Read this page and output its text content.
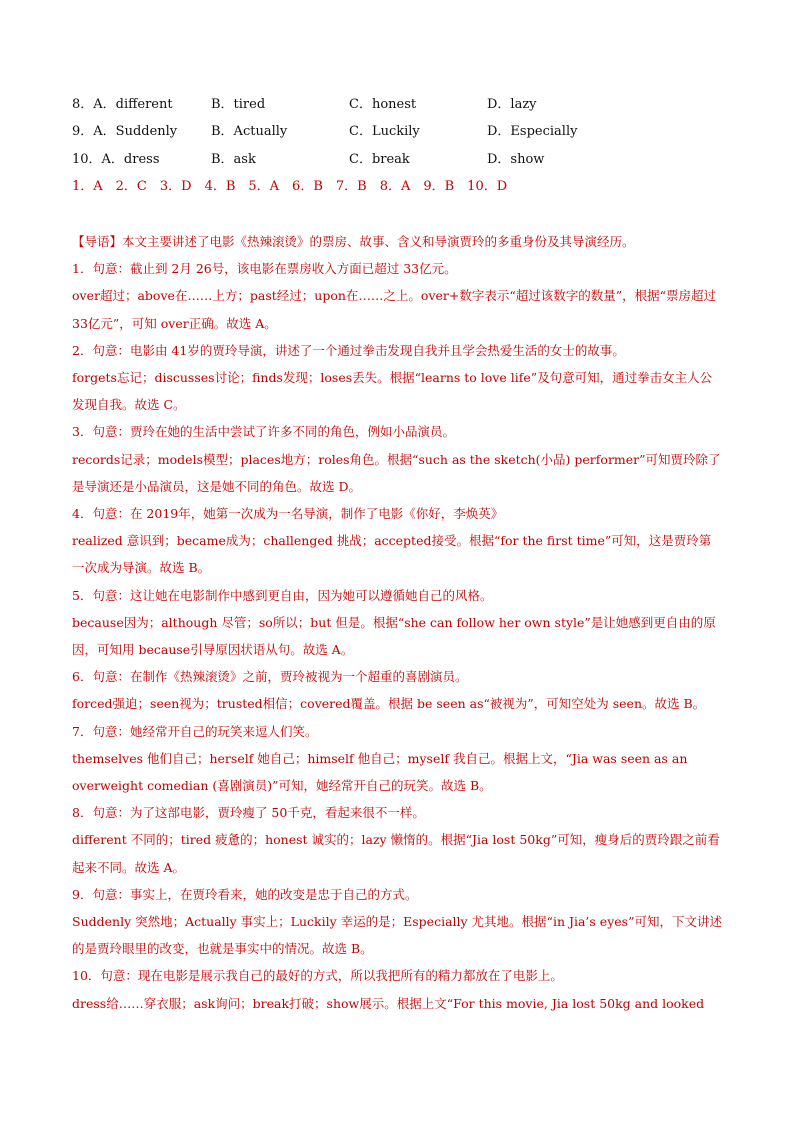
8．A．different	B．tired	C．honest	D．lazy
9．A．Suddenly	B．Actually	C．Luckily	D．Especially
10．A．dress	B．ask	C．break	D．show
1．A　2．C　3．D　4．B　5．A　6．B　7．B　8．A　9．B　10．D

【导语】本文主要讲述了电影《热辣滚烫》的票房、故事、含义和导演贾玲的多重身份及其导演经历。

1．句意：截止到 2月 26号，该电影在票房收入方面已超过 33亿元。

over超过；above在……上方；past经过；upon在……之上。over+数字表示“超过该数字的数量”，根据“票房超过 33亿元”，可知 over正确。故选 A。

2．句意：电影由 41岁的贾玲导演，讲述了一个通过拳击发现自我并且学会热爱生活的女士的故事。

forgets忘记；discusses讨论；finds发现；loses丢失。根据“learns to love life”及句意可知，通过拳击女主人公发现自我。故选 C。

3．句意：贾玲在她的生活中尝试了许多不同的角色，例如小品演员。

records记录；models模型；places地方；roles角色。根据“such as the sketch(小品) performer”可知贾玲除了是导演还是小品演员，这是她不同的角色。故选 D。

4．句意：在 2019年，她第一次成为一名导演，制作了电影《你好，李焕英》

realized 意识到；became成为；challenged 挑战；accepted接受。根据“for the first time”可知，这是贾玲第一次成为导演。故选 B。

5．句意：这让她在电影制作中感到更自由，因为她可以遵循她自己的风格。

because因为；although 尽管；so所以；but 但是。根据“she can follow her own style”是让她感到更自由的原因，可知用 because引导原因状语从句。故选 A。

6．句意：在制作《热辣滚烫》之前，贾玲被视为一个超重的喜剧演员。

forced强迫；seen视为；trusted相信；covered覆盖。根据 be seen as“被视为”，可知空处为 seen。故选 B。

7．句意：她经常开自己的玩笑来逗人们笑。

themselves 他们自己；herself 她自己；himself 他自己；myself 我自己。根据上文，“Jia was seen as an overweight comedian (喜剧演员)”可知，她经常开自己的玩笑。故选 B。

8．句意：为了这部电影，贾玲瘦了 50千克，看起来很不一样。

different 不同的；tired 疲惫的；honest 诚实的；lazy 懒惰的。根据“Jia lost 50kg”可知，瘦身后的贾玲跟之前看起来不同。故选 A。

9．句意：事实上，在贾玲看来，她的改变是忠于自己的方式。

Suddenly 突然地；Actually 事实上；Luckily 幸运的是；Especially 尤其地。根据“in Jia’s eyes”可知，下文讲述的是贾玲眼里的改变，也就是事实中的情况。故选 B。

10．句意：现在电影是展示我自己的最好的方式，所以我把所有的精力都放在了电影上。

dress给……穿衣服；ask询问；break打破；show展示。根据上文“For this movie, Jia lost 50kg and looked
